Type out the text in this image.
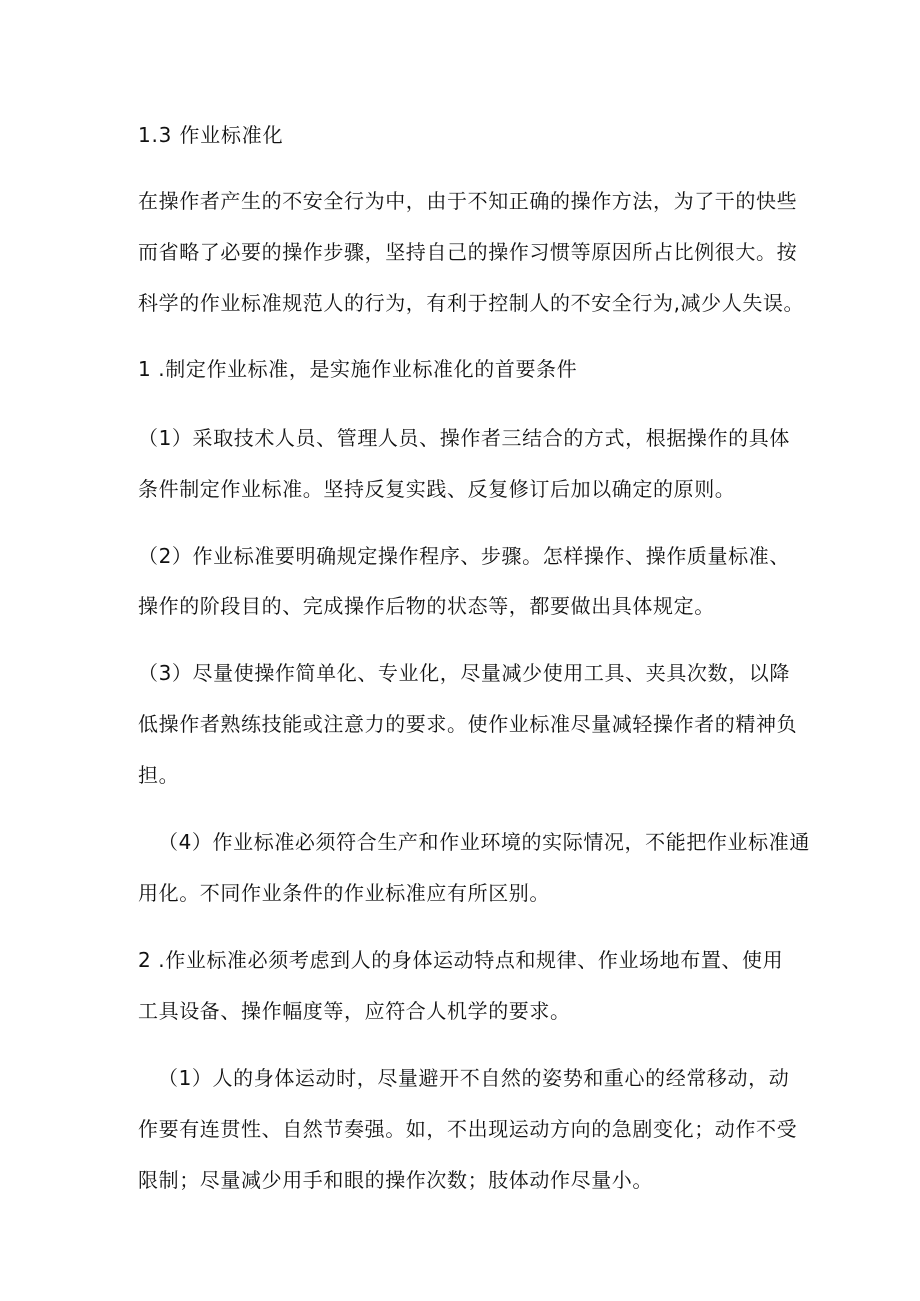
1.3 作业标准化
在操作者产生的不安全行为中，由于不知正确的操作方法，为了干的快些
而省略了必要的操作步骤，坚持自己的操作习惯等原因所占比例很大。按
科学的作业标准规范人的行为，有利于控制人的不安全行为,减少人失误。
1 .制定作业标准，是实施作业标准化的首要条件
（1）采取技术人员、管理人员、操作者三结合的方式，根据操作的具体
条件制定作业标准。坚持反复实践、反复修订后加以确定的原则。
（2）作业标准要明确规定操作程序、步骤。怎样操作、操作质量标准、
操作的阶段目的、完成操作后物的状态等，都要做出具体规定。
（3）尽量使操作简单化、专业化，尽量减少使用工具、夹具次数，以降
低操作者熟练技能或注意力的要求。使作业标准尽量减轻操作者的精神负
担。
（4）作业标准必须符合生产和作业环境的实际情况，不能把作业标准通
用化。不同作业条件的作业标准应有所区别。
2 .作业标准必须考虑到人的身体运动特点和规律、作业场地布置、使用
工具设备、操作幅度等，应符合人机学的要求。
（1）人的身体运动时，尽量避开不自然的姿势和重心的经常移动，动
作要有连贯性、自然节奏强。如，不出现运动方向的急剧变化；动作不受
限制；尽量减少用手和眼的操作次数；肢体动作尽量小。
